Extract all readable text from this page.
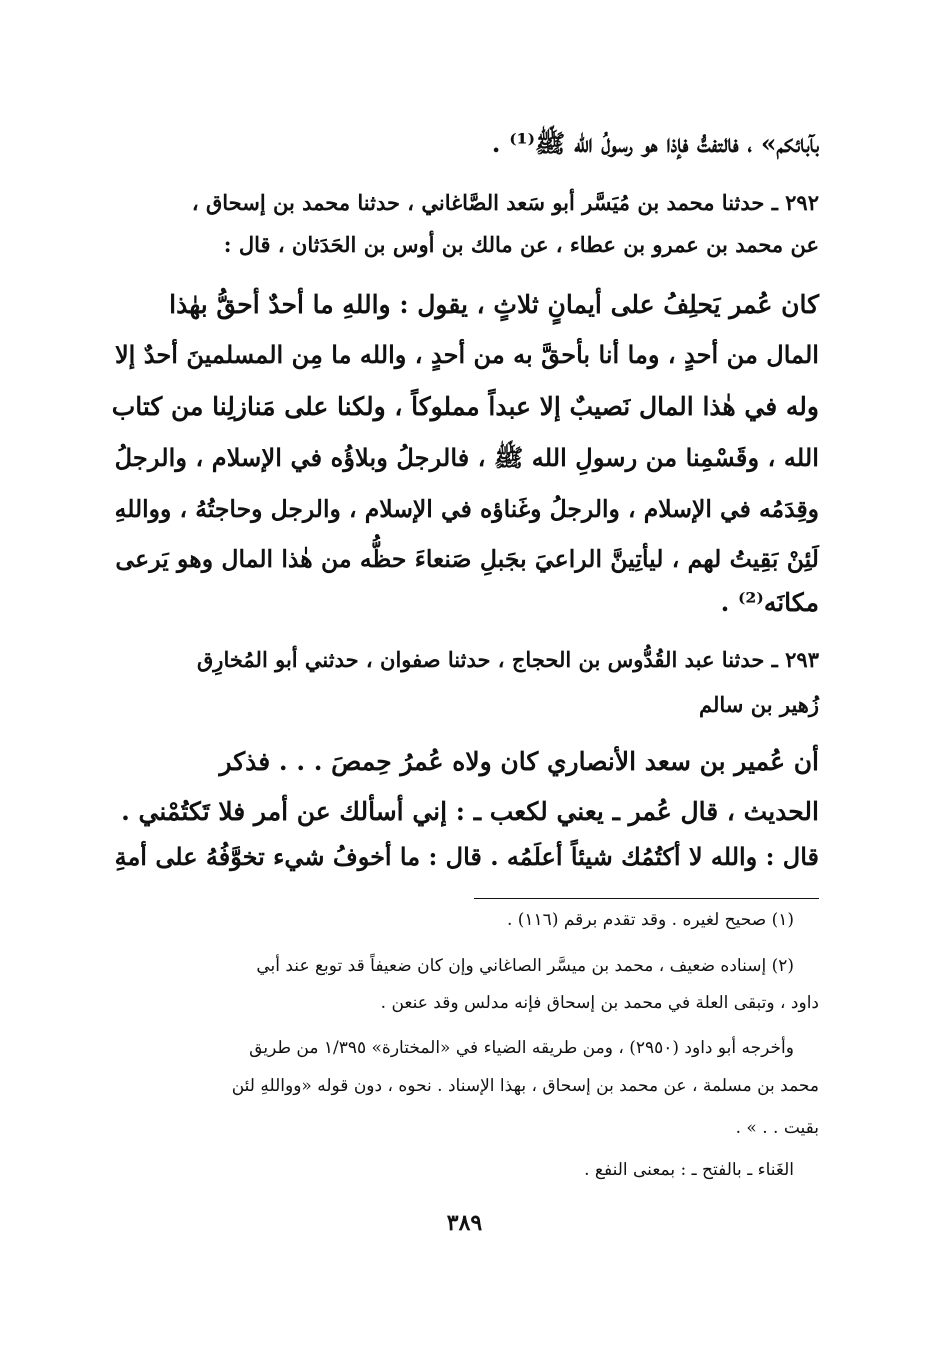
بآبائكم» ، فالتفتُّ فإذا هو رسولُ الله ﷺ⁽¹⁾ .
٢٩٢ ـ حدثنا محمد بن مُيَسَّر أبو سَعد الصَّاغاني ، حدثنا محمد بن إسحاق ،
عن محمد بن عمرو بن عطاء ، عن مالك بن أوس بن الحَدَثان ، قال :
كان عُمر يَحلِفُ على أيمانٍ ثلاثٍ ، يقول : واللهِ ما أحدٌ أحقُّ بهٰذا
المال من أحدٍ ، وما أنا بأحقَّ به من أحدٍ ، والله ما مِن المسلمينَ أحدٌ إلا
وله في هٰذا المال نَصيبٌ إلا عبداً مملوكاً ، ولكنا على مَنازلِنا من كتاب
الله ، وقَسْمِنا من رسولِ الله ﷺ ، فالرجلُ وبلاؤُه في الإسلام ، والرجلُ
وقِدَمُه في الإسلام ، والرجلُ وغَناؤه في الإسلام ، والرجل وحاجتُهُ ، وواللهِ
لَئِنْ بَقِيتُ لهم ، ليأتِينَّ الراعيَ بجَبلِ صَنعاءَ حظُّه من هٰذا المال وهو يَرعى
مكانَه⁽²⁾ .
٢٩٣ ـ حدثنا عبد القُدُّوس بن الحجاج ، حدثنا صفوان ، حدثني أبو المُخارِق
زُهير بن سالم
أن عُمير بن سعد الأنصاري كان ولاه عُمرُ حِمصَ . . . فذكر
الحديث ، قال عُمر ـ يعني لكعب ـ : إني أسألك عن أمر فلا تَكتُمْني .
قال : والله لا أكتُمُك شيئاً أعلَمُه . قال : ما أخوفُ شيء تخوَّفُهُ على أمةِ
(١) صحيح لغيره . وقد تقدم برقم (١١٦) .
(٢) إسناده ضعيف ، محمد بن ميسَّر الصاغاني وإن كان ضعيفاً قد توبع عند أبي
داود ، وتبقى العلة في محمد بن إسحاق فإنه مدلس وقد عنعن .
وأخرجه أبو داود (٢٩٥٠) ، ومن طريقه الضياء في «المختارة» ١/٣٩٥ من طريق
محمد بن مسلمة ، عن محمد بن إسحاق ، بهذا الإسناد . نحوه ، دون قوله «وواللهِ لئن
بقيت . . » .
الغَناء ـ بالفتح ـ : بمعنى النفع .
٣٨٩
